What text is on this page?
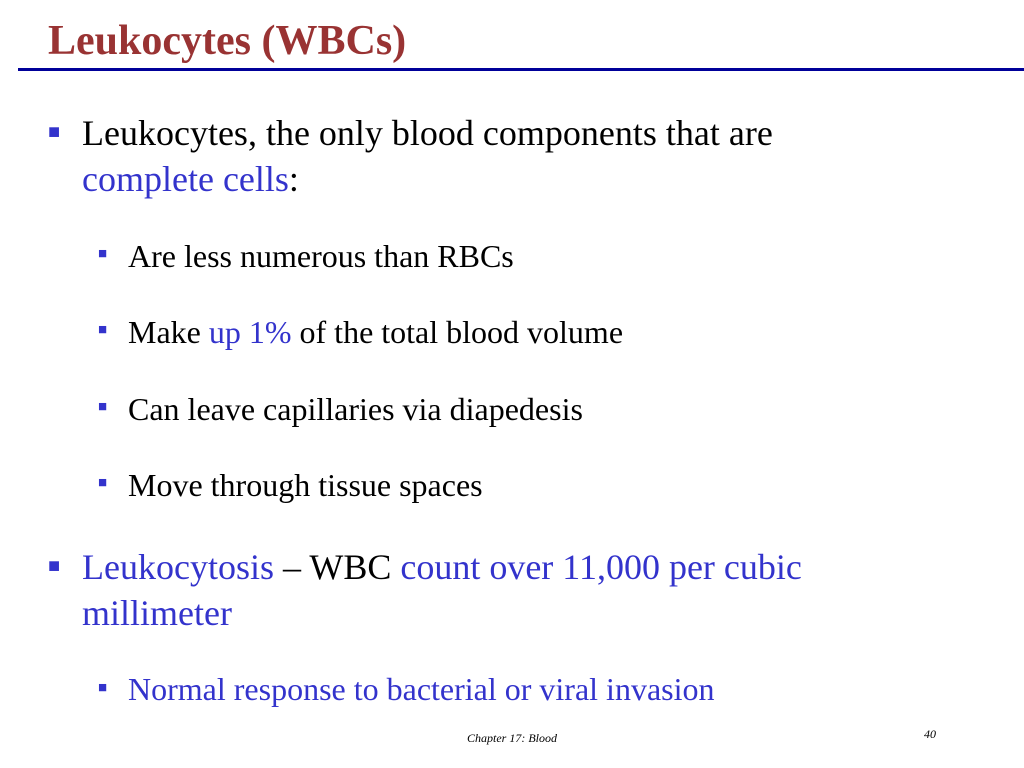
Leukocytes (WBCs)
■ Leukocytes, the only blood components that are
complete cells:
■ Are less numerous than RBCs
■ Make up 1% of the total blood volume
■ Can leave capillaries via diapedesis
■ Move through tissue spaces
■ Leukocytosis – WBC count over 11,000 per cubic
millimeter
■ Normal response to bacterial or viral invasion
Chapter 17: Blood	40
